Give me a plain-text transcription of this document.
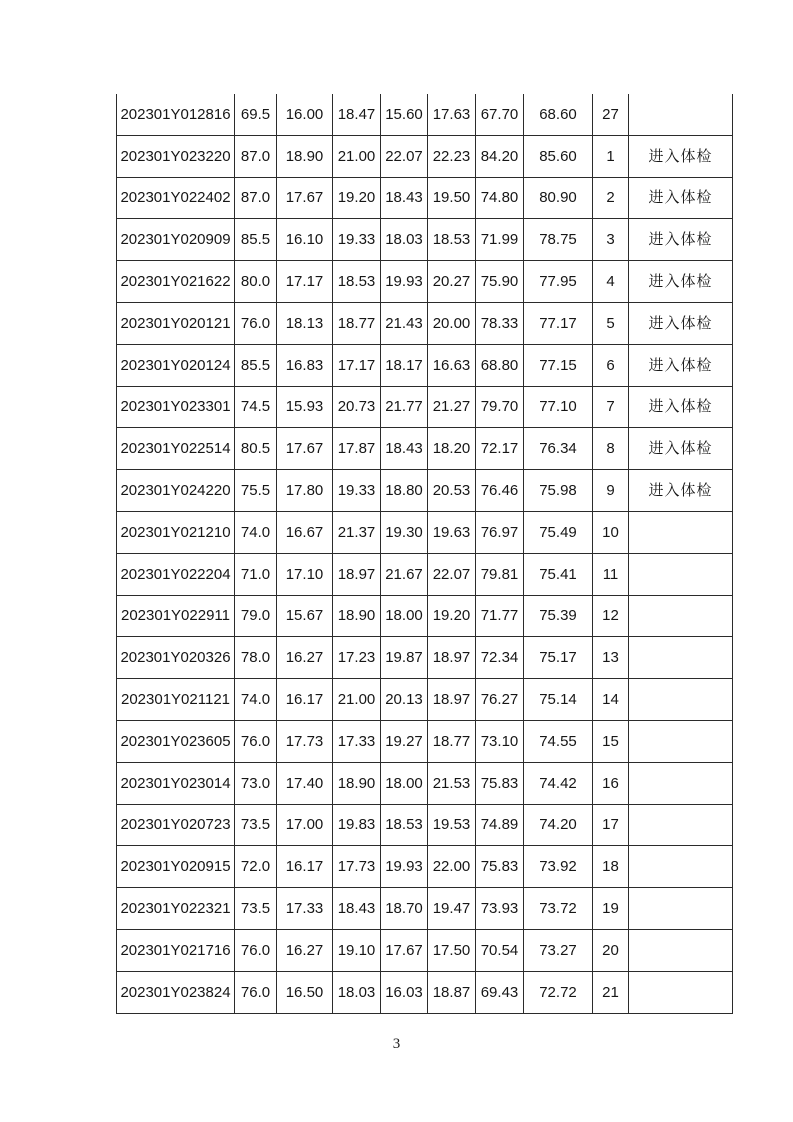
202301Y012816	69.5	16.00	18.47	15.60	17.63	67.70	68.60	27	
202301Y023220	87.0	18.90	21.00	22.07	22.23	84.20	85.60	1	进入体检
202301Y022402	87.0	17.67	19.20	18.43	19.50	74.80	80.90	2	进入体检
202301Y020909	85.5	16.10	19.33	18.03	18.53	71.99	78.75	3	进入体检
202301Y021622	80.0	17.17	18.53	19.93	20.27	75.90	77.95	4	进入体检
202301Y020121	76.0	18.13	18.77	21.43	20.00	78.33	77.17	5	进入体检
202301Y020124	85.5	16.83	17.17	18.17	16.63	68.80	77.15	6	进入体检
202301Y023301	74.5	15.93	20.73	21.77	21.27	79.70	77.10	7	进入体检
202301Y022514	80.5	17.67	17.87	18.43	18.20	72.17	76.34	8	进入体检
202301Y024220	75.5	17.80	19.33	18.80	20.53	76.46	75.98	9	进入体检
202301Y021210	74.0	16.67	21.37	19.30	19.63	76.97	75.49	10	
202301Y022204	71.0	17.10	18.97	21.67	22.07	79.81	75.41	11	
202301Y022911	79.0	15.67	18.90	18.00	19.20	71.77	75.39	12	
202301Y020326	78.0	16.27	17.23	19.87	18.97	72.34	75.17	13	
202301Y021121	74.0	16.17	21.00	20.13	18.97	76.27	75.14	14	
202301Y023605	76.0	17.73	17.33	19.27	18.77	73.10	74.55	15	
202301Y023014	73.0	17.40	18.90	18.00	21.53	75.83	74.42	16	
202301Y020723	73.5	17.00	19.83	18.53	19.53	74.89	74.20	17	
202301Y020915	72.0	16.17	17.73	19.93	22.00	75.83	73.92	18	
202301Y022321	73.5	17.33	18.43	18.70	19.47	73.93	73.72	19	
202301Y021716	76.0	16.27	19.10	17.67	17.50	70.54	73.27	20	
202301Y023824	76.0	16.50	18.03	16.03	18.87	69.43	72.72	21	
3
